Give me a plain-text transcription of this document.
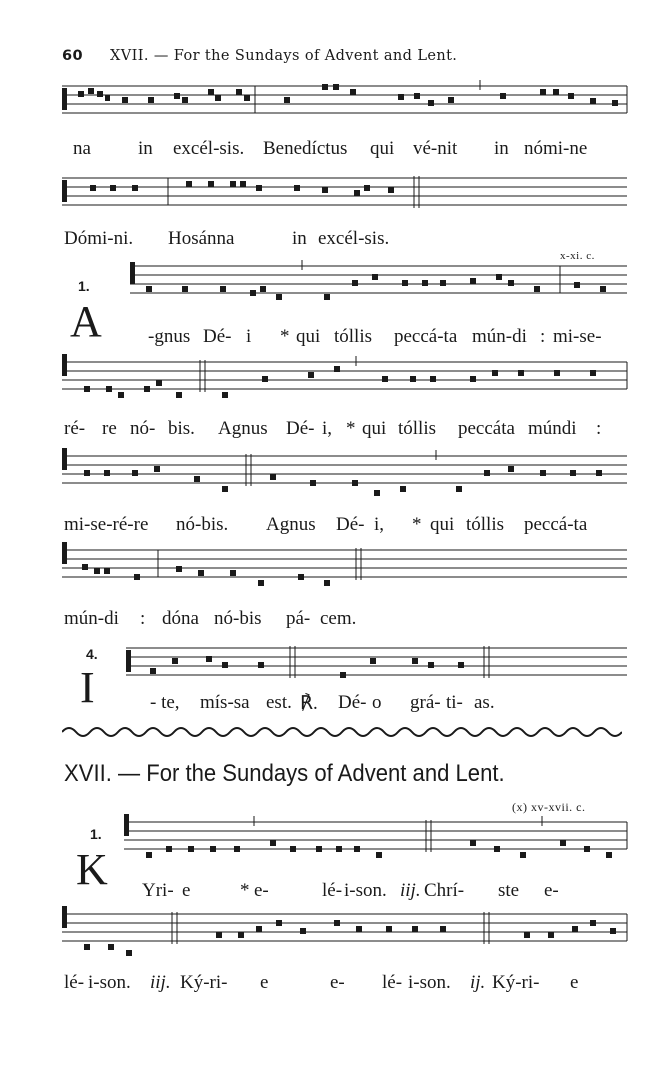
60 XVII. — For the Sundays of Advent and Lent.
na in excél-sis. Benedíctus qui vé-nit in nómi-ne
Dómi-ni. Hosánna	in excél-sis.
x-xi. c.
1.
A -gnus Dé- i * qui tóllis peccá-ta mún-di : mi-se-
ré- re nó- bis. Agnus Dé- i, * qui tóllis peccáta múndi :
mi-se-ré-re nó-bis. Agnus Dé- i, * qui tóllis peccá-ta
mún-di : dóna nó-bis pá- cem.
4.
I	- te, mís-sa est. ℟. Dé- o grá- ti- as.
XVII. — For the Sundays of Advent and Lent.
(x) xv-xvii. c.
1.
K Yri- e	* e-	lé- i-son. iij. Chrí- ste e-
lé- i-son. iij. Ký-ri- e	e- lé- i-son. ij. Ký-ri- e
